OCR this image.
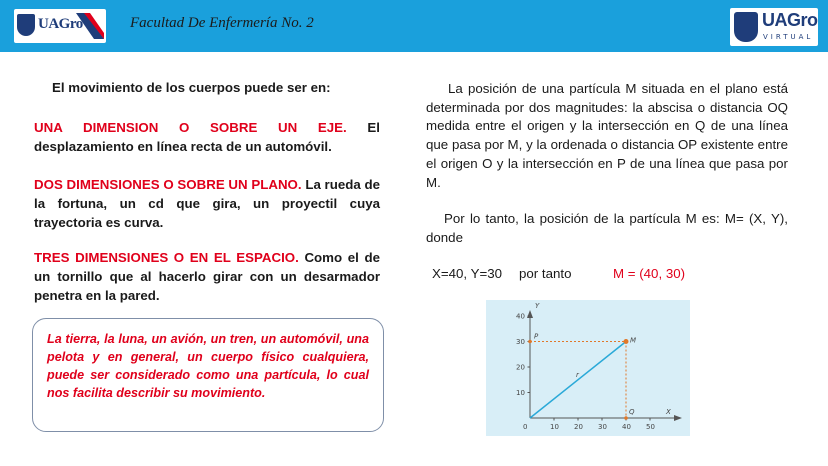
UAGro	Facultad De Enfermería No. 2	UAGro
VIRTUAL
El movimiento de los cuerpos puede ser en:
UNA DIMENSION O SOBRE UN EJE. El desplazamiento en línea recta de un automóvil.
DOS DIMENSIONES O SOBRE UN PLANO. La rueda de la fortuna, un cd que gira, un proyectil cuya trayectoria es curva.
TRES DIMENSIONES O EN EL ESPACIO. Como el de un tornillo que al hacerlo girar con un desarmador penetra en la pared.

La tierra, la luna, un avión, un tren, un automóvil, una pelota y en general, un cuerpo físico cualquiera, puede ser considerado como una partícula, lo cual nos facilita describir su movimiento.

La posición de una partícula M situada en el plano está determinada por dos magnitudes: la abscisa o distancia OQ medida entre el origen y la intersección en Q de una línea que pasa por M, y la ordenada o distancia OP existente entre el origen O y la intersección en P de una línea que pasa por M.
Por lo tanto, la posición de la partícula M es: M= (X, Y), donde
X=40, Y=30 por tanto	M = (40, 30)
Y
X
0	10 20 30 40 50
10
20
30
40
M
P
Q
r
